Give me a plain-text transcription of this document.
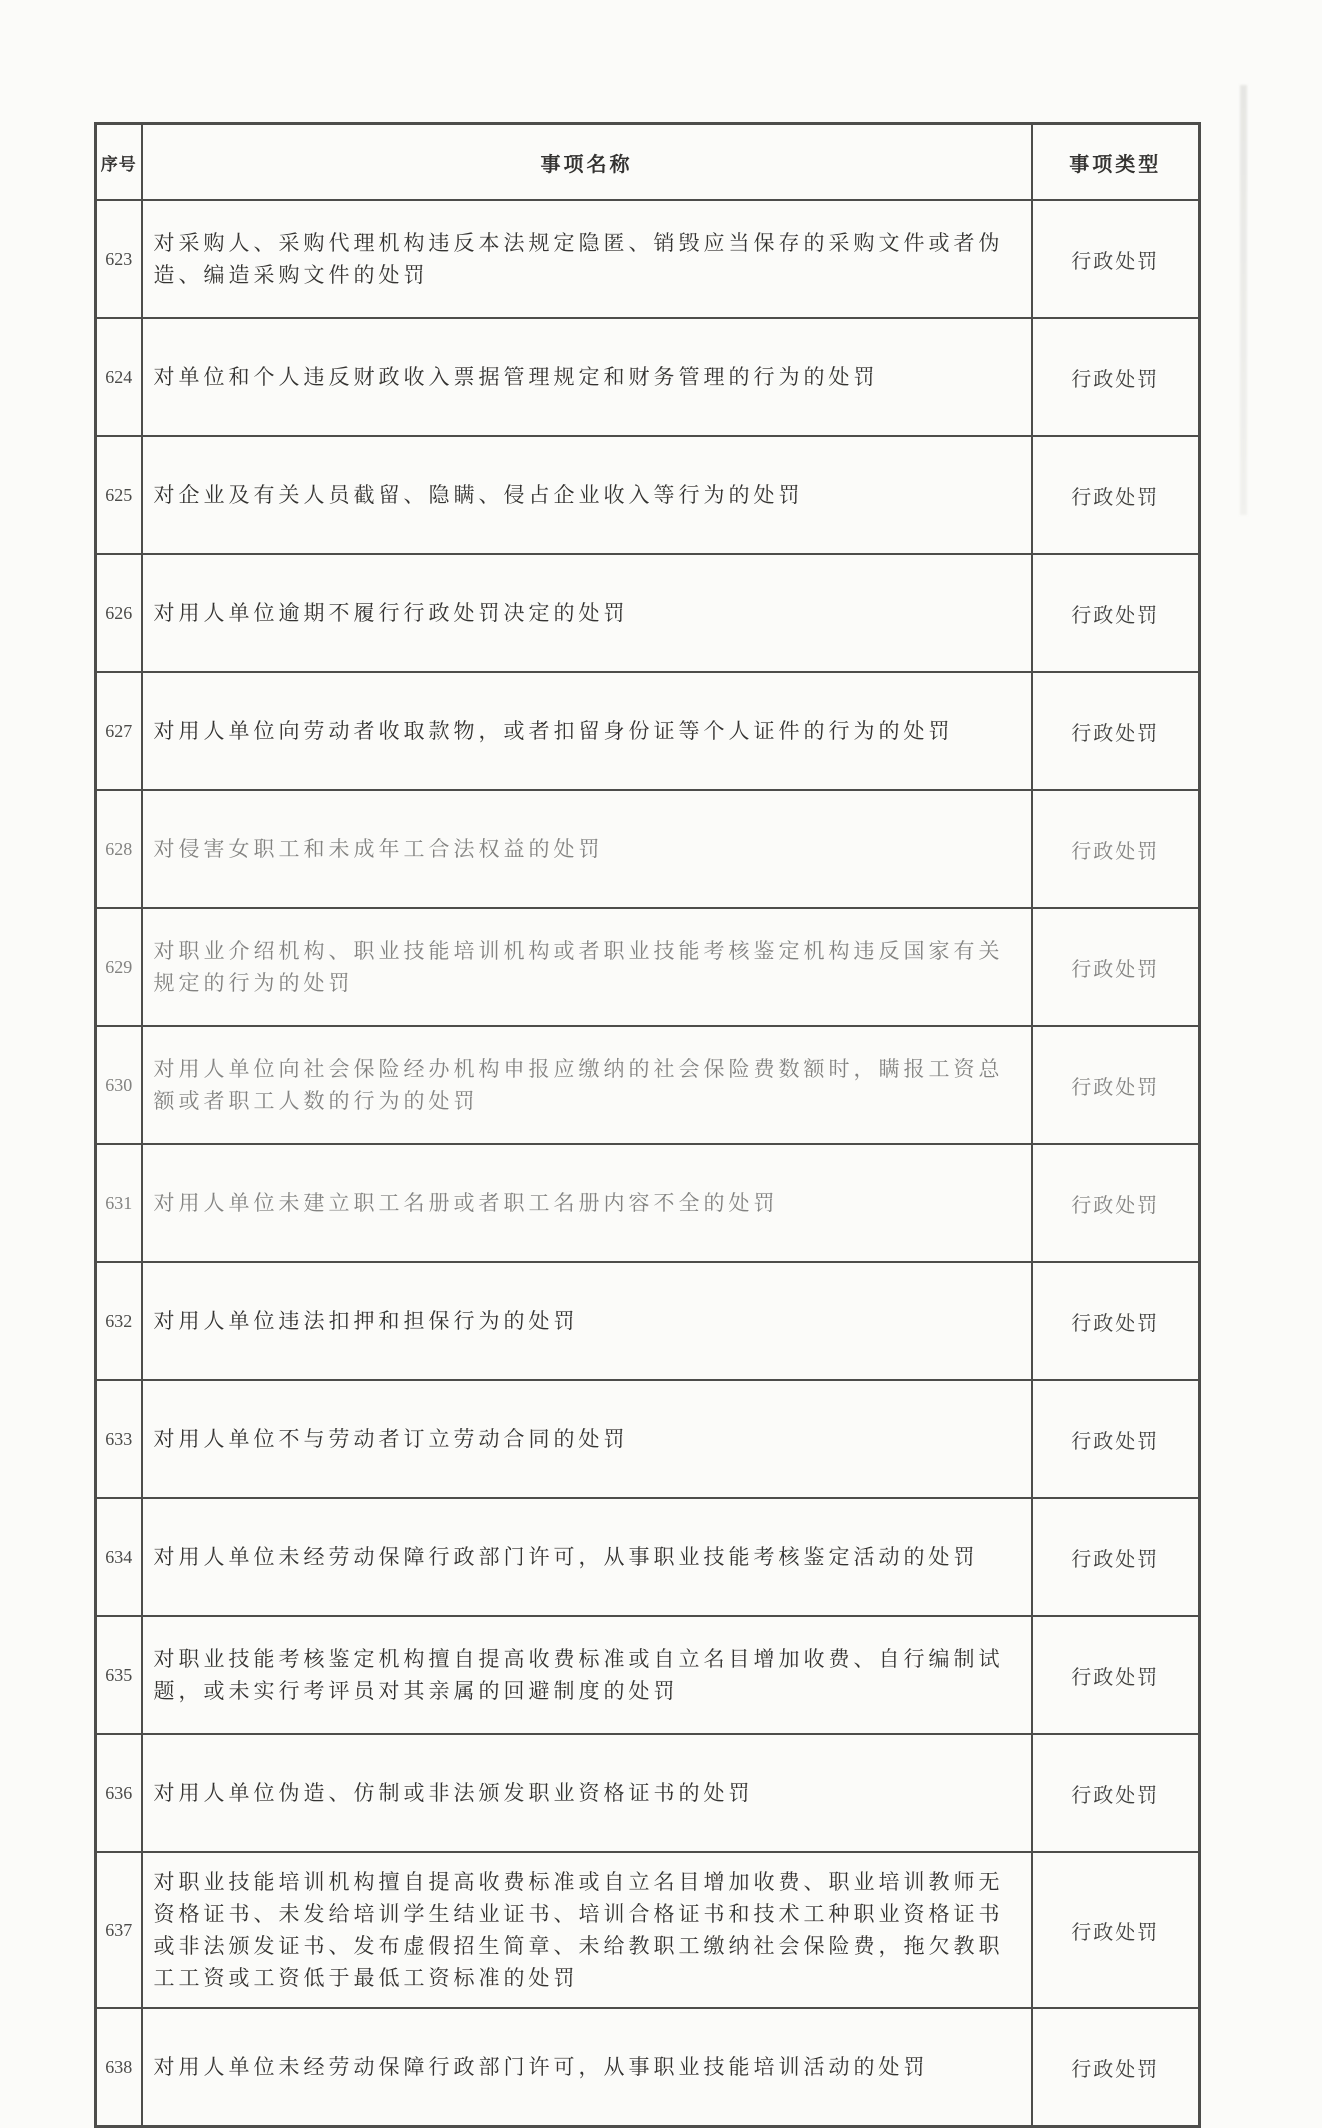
序号	事项名称	事项类型
623	对采购人、采购代理机构违反本法规定隐匿、销毁应当保存的采购文件或者伪造、编造采购文件的处罚	行政处罚
624	对单位和个人违反财政收入票据管理规定和财务管理的行为的处罚	行政处罚
625	对企业及有关人员截留、隐瞒、侵占企业收入等行为的处罚	行政处罚
626	对用人单位逾期不履行行政处罚决定的处罚	行政处罚
627	对用人单位向劳动者收取款物，或者扣留身份证等个人证件的行为的处罚	行政处罚
628	对侵害女职工和未成年工合法权益的处罚	行政处罚
629	对职业介绍机构、职业技能培训机构或者职业技能考核鉴定机构违反国家有关规定的行为的处罚	行政处罚
630	对用人单位向社会保险经办机构申报应缴纳的社会保险费数额时，瞒报工资总额或者职工人数的行为的处罚	行政处罚
631	对用人单位未建立职工名册或者职工名册内容不全的处罚	行政处罚
632	对用人单位违法扣押和担保行为的处罚	行政处罚
633	对用人单位不与劳动者订立劳动合同的处罚	行政处罚
634	对用人单位未经劳动保障行政部门许可，从事职业技能考核鉴定活动的处罚	行政处罚
635	对职业技能考核鉴定机构擅自提高收费标准或自立名目增加收费、自行编制试题，或未实行考评员对其亲属的回避制度的处罚	行政处罚
636	对用人单位伪造、仿制或非法颁发职业资格证书的处罚	行政处罚
637	对职业技能培训机构擅自提高收费标准或自立名目增加收费、职业培训教师无资格证书、未发给培训学生结业证书、培训合格证书和技术工种职业资格证书或非法颁发证书、发布虚假招生简章、未给教职工缴纳社会保险费，拖欠教职工工资或工资低于最低工资标准的处罚	行政处罚
638	对用人单位未经劳动保障行政部门许可，从事职业技能培训活动的处罚	行政处罚
